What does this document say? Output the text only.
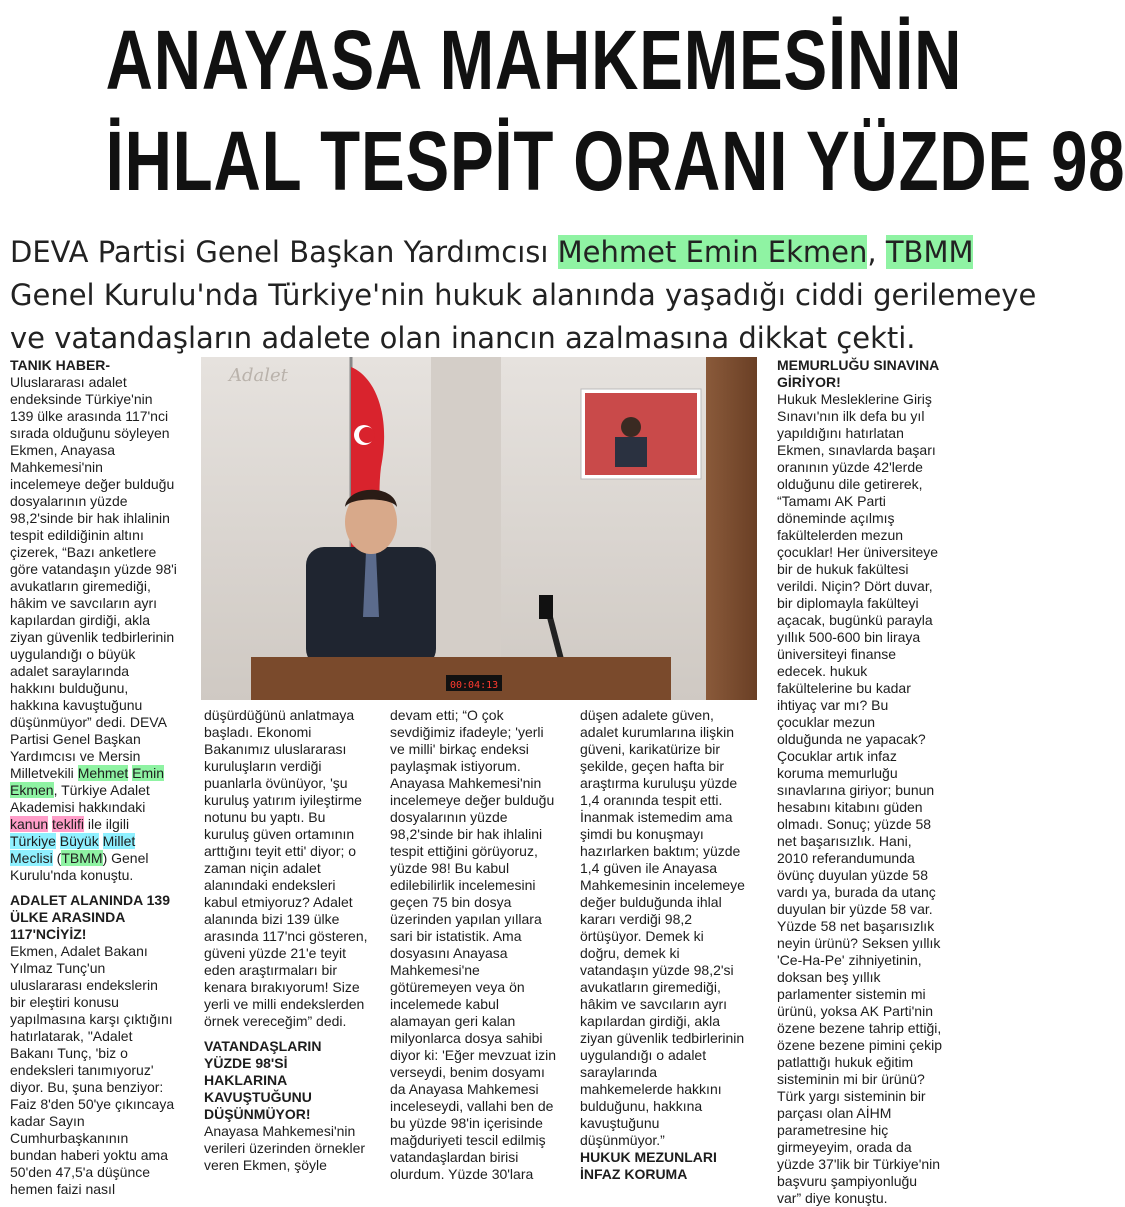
ANAYASA MAHKEMESİNİN
İHLAL TESPİT ORANI YÜZDE 98
DEVA Partisi Genel Başkan Yardımcısı Mehmet Emin Ekmen, TBMM
Genel Kurulu'nda Türkiye'nin hukuk alanında yaşadığı ciddi gerilemeye
ve vatandaşların adalete olan inancın azalmasına dikkat çekti.

TANIK HABER-

Uluslararası adalet

endeksinde Türkiye'nin

139 ülke arasında 117'nci

sırada olduğunu söyleyen

Ekmen, Anayasa

Mahkemesi'nin

incelemeye değer bulduğu

dosyalarının yüzde

98,2'sinde bir hak ihlalinin

tespit edildiğinin altını

çizerek, “Bazı anketlere

göre vatandaşın yüzde 98'i

avukatların giremediği,

hâkim ve savcıların ayrı

kapılardan girdiği, akla

ziyan güvenlik tedbirlerinin

uygulandığı o büyük

adalet saraylarında

hakkını bulduğunu,

hakkına kavuştuğunu

düşünmüyor” dedi. DEVA

Partisi Genel Başkan

Yardımcısı ve Mersin

Milletvekili Mehmet Emin

Ekmen, Türkiye Adalet

Akademisi hakkındaki

kanun teklifi ile ilgili

Türkiye Büyük Millet

Meclisi (TBMM) Genel

Kurulu'nda konuştu.

ADALET ALANINDA 139

ÜLKE ARASINDA

117'NCİYİZ!

Ekmen, Adalet Bakanı

Yılmaz Tunç'un

uluslararası endekslerin

bir eleştiri konusu

yapılmasına karşı çıktığını

hatırlatarak, "Adalet

Bakanı Tunç, 'biz o

endeksleri tanımıyoruz'

diyor. Bu, şuna benziyor:

Faiz 8'den 50'ye çıkıncaya

kadar Sayın

Cumhurbaşkanının

bundan haberi yoktu ama

50'den 47,5'a düşünce

hemen faizi nasıl

Adalet
00:04:13

düşürdüğünü anlatmaya

başladı. Ekonomi

Bakanımız uluslararası

kuruluşların verdiği

puanlarla övünüyor, 'şu

kuruluş yatırım iyileştirme

notunu bu yaptı. Bu

kuruluş güven ortamının

arttığını teyit etti' diyor; o

zaman niçin adalet

alanındaki endeksleri

kabul etmiyoruz? Adalet

alanında bizi 139 ülke

arasında 117'nci gösteren,

güveni yüzde 21'e teyit

eden araştırmaları bir

kenara bırakıyorum! Size

yerli ve milli endekslerden

örnek vereceğim” dedi.

VATANDAŞLARIN

YÜZDE 98'Sİ

HAKLARINA

KAVUŞTUĞUNU

DÜŞÜNMÜYOR!

Anayasa Mahkemesi'nin

verileri üzerinden örnekler

veren Ekmen, şöyle

devam etti; “O çok

sevdiğimiz ifadeyle; 'yerli

ve milli' birkaç endeksi

paylaşmak istiyorum.

Anayasa Mahkemesi'nin

incelemeye değer bulduğu

dosyalarının yüzde

98,2'sinde bir hak ihlalini

tespit ettiğini görüyoruz,

yüzde 98! Bu kabul

edilebilirlik incelemesini

geçen 75 bin dosya

üzerinden yapılan yıllara

sari bir istatistik. Ama

dosyasını Anayasa

Mahkemesi'ne

götüremeyen veya ön

incelemede kabul

alamayan geri kalan

milyonlarca dosya sahibi

diyor ki: 'Eğer mevzuat izin

verseydi, benim dosyamı

da Anayasa Mahkemesi

inceleseydi, vallahi ben de

bu yüzde 98'in içerisinde

mağduriyeti tescil edilmiş

vatandaşlardan birisi

olurdum. Yüzde 30'lara

düşen adalete güven,

adalet kurumlarına ilişkin

güveni, karikatürize bir

şekilde, geçen hafta bir

araştırma kuruluşu yüzde

1,4 oranında tespit etti.

İnanmak istemedim ama

şimdi bu konuşmayı

hazırlarken baktım; yüzde

1,4 güven ile Anayasa

Mahkemesinin incelemeye

değer bulduğunda ihlal

kararı verdiği 98,2

örtüşüyor. Demek ki

doğru, demek ki

vatandaşın yüzde 98,2'si

avukatların giremediği,

hâkim ve savcıların ayrı

kapılardan girdiği, akla

ziyan güvenlik tedbirlerinin

uygulandığı o adalet

saraylarında

mahkemelerde hakkını

bulduğunu, hakkına

kavuştuğunu

düşünmüyor.”

HUKUK MEZUNLARI

İNFAZ KORUMA

MEMURLUĞU SINAVINA

GİRİYOR!

Hukuk Mesleklerine Giriş

Sınavı'nın ilk defa bu yıl

yapıldığını hatırlatan

Ekmen, sınavlarda başarı

oranının yüzde 42'lerde

olduğunu dile getirerek,

“Tamamı AK Parti

döneminde açılmış

fakültelerden mezun

çocuklar! Her üniversiteye

bir de hukuk fakültesi

verildi. Niçin? Dört duvar,

bir diplomayla fakülteyi

açacak, bugünkü parayla

yıllık 500-600 bin liraya

üniversiteyi finanse

edecek. hukuk

fakültelerine bu kadar

ihtiyaç var mı? Bu

çocuklar mezun

olduğunda ne yapacak?

Çocuklar artık infaz

koruma memurluğu

sınavlarına giriyor; bunun

hesabını kitabını güden

olmadı. Sonuç; yüzde 58

net başarısızlık. Hani,

2010 referandumunda

övünç duyulan yüzde 58

vardı ya, burada da utanç

duyulan bir yüzde 58 var.

Yüzde 58 net başarısızlık

neyin ürünü? Seksen yıllık

'Ce-Ha-Pe' zihniyetinin,

doksan beş yıllık

parlamenter sistemin mi

ürünü, yoksa AK Parti'nin

özene bezene tahrip ettiği,

özene bezene pimini çekip

patlattığı hukuk eğitim

sisteminin mi bir ürünü?

Türk yargı sisteminin bir

parçası olan AİHM

parametresine hiç

girmeyeyim, orada da

yüzde 37'lik bir Türkiye'nin

başvuru şampiyonluğu

var” diye konuştu.
